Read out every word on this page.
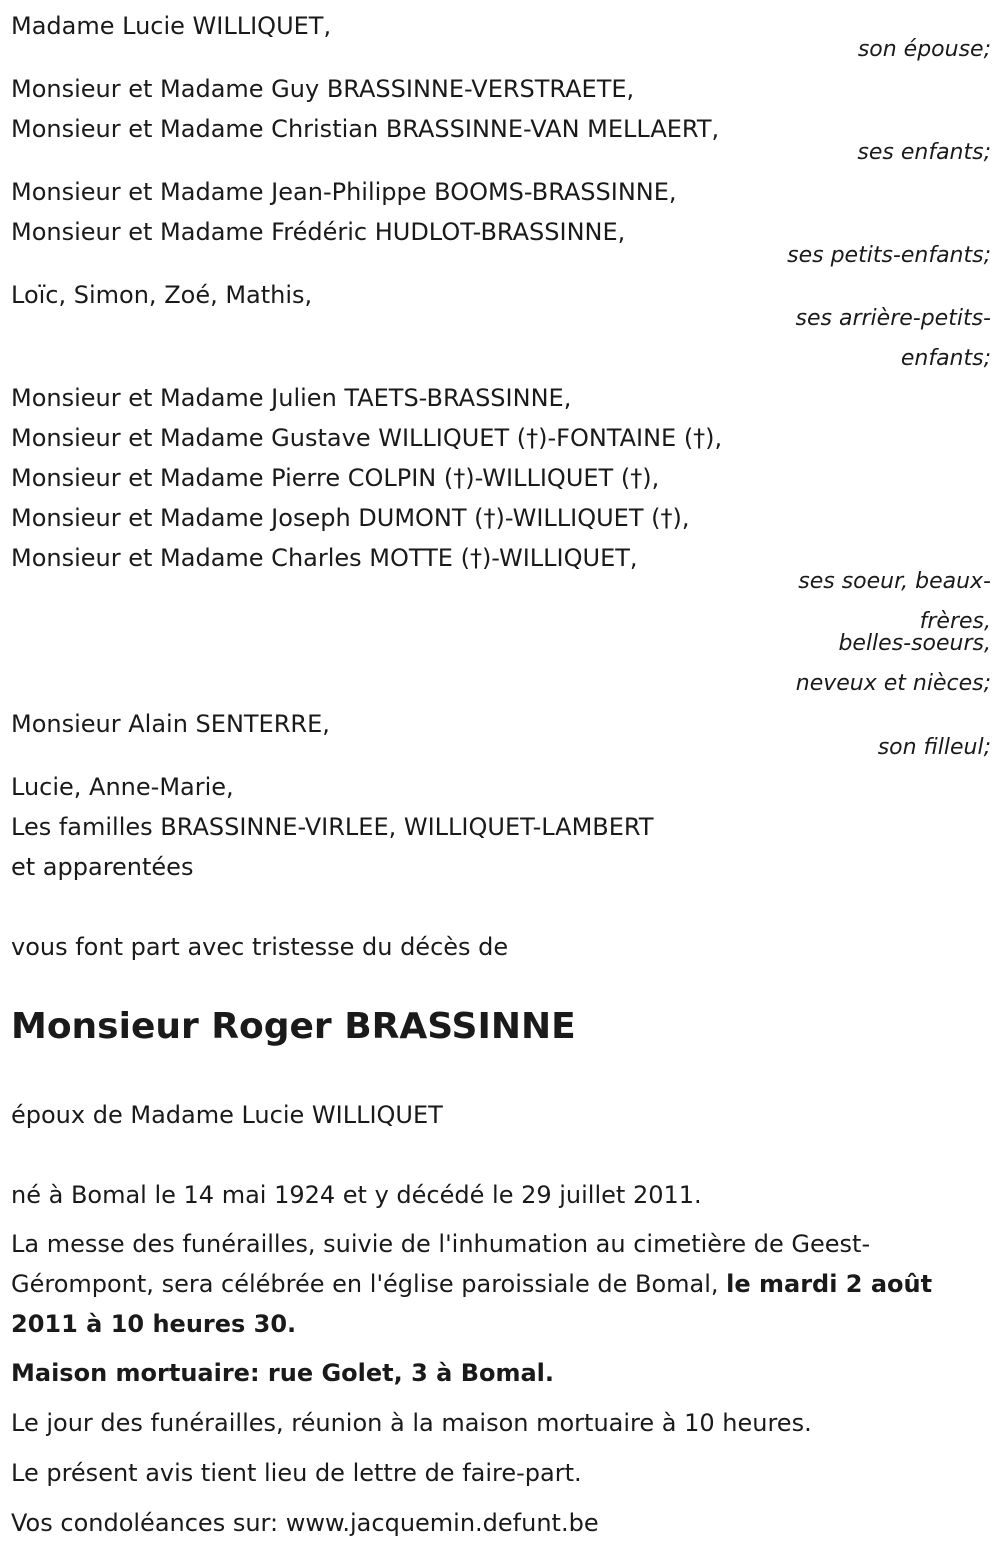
Madame Lucie WILLIQUET,
son épouse;
Monsieur et Madame Guy BRASSINNE-VERSTRAETE,
Monsieur et Madame Christian BRASSINNE-VAN MELLAERT,
ses enfants;
Monsieur et Madame Jean-Philippe BOOMS-BRASSINNE,
Monsieur et Madame Frédéric HUDLOT-BRASSINNE,
ses petits-enfants;
Loïc, Simon, Zoé, Mathis,
ses arrière-petits-
enfants;
Monsieur et Madame Julien TAETS-BRASSINNE,
Monsieur et Madame Gustave WILLIQUET (†)-FONTAINE (†),
Monsieur et Madame Pierre COLPIN (†)-WILLIQUET (†),
Monsieur et Madame Joseph DUMONT (†)-WILLIQUET (†),
Monsieur et Madame Charles MOTTE (†)-WILLIQUET,
ses soeur, beaux-
frères,
belles-soeurs,
neveux et nièces;
Monsieur Alain SENTERRE,
son filleul;
Lucie, Anne-Marie,
Les familles BRASSINNE-VIRLEE, WILLIQUET-LAMBERT
et apparentées
vous font part avec tristesse du décès de
Monsieur Roger BRASSINNE
époux de Madame Lucie WILLIQUET
né à Bomal le 14 mai 1924 et y décédé le 29 juillet 2011.
La messe des funérailles, suivie de l'inhumation au cimetière de Geest-Gérompont, sera célébrée en l'église paroissiale de Bomal, le mardi 2 août 2011 à 10 heures 30.
Maison mortuaire: rue Golet, 3 à Bomal.
Le jour des funérailles, réunion à la maison mortuaire à 10 heures.
Le présent avis tient lieu de lettre de faire-part.
Vos condoléances sur: www.jacquemin.defunt.be
